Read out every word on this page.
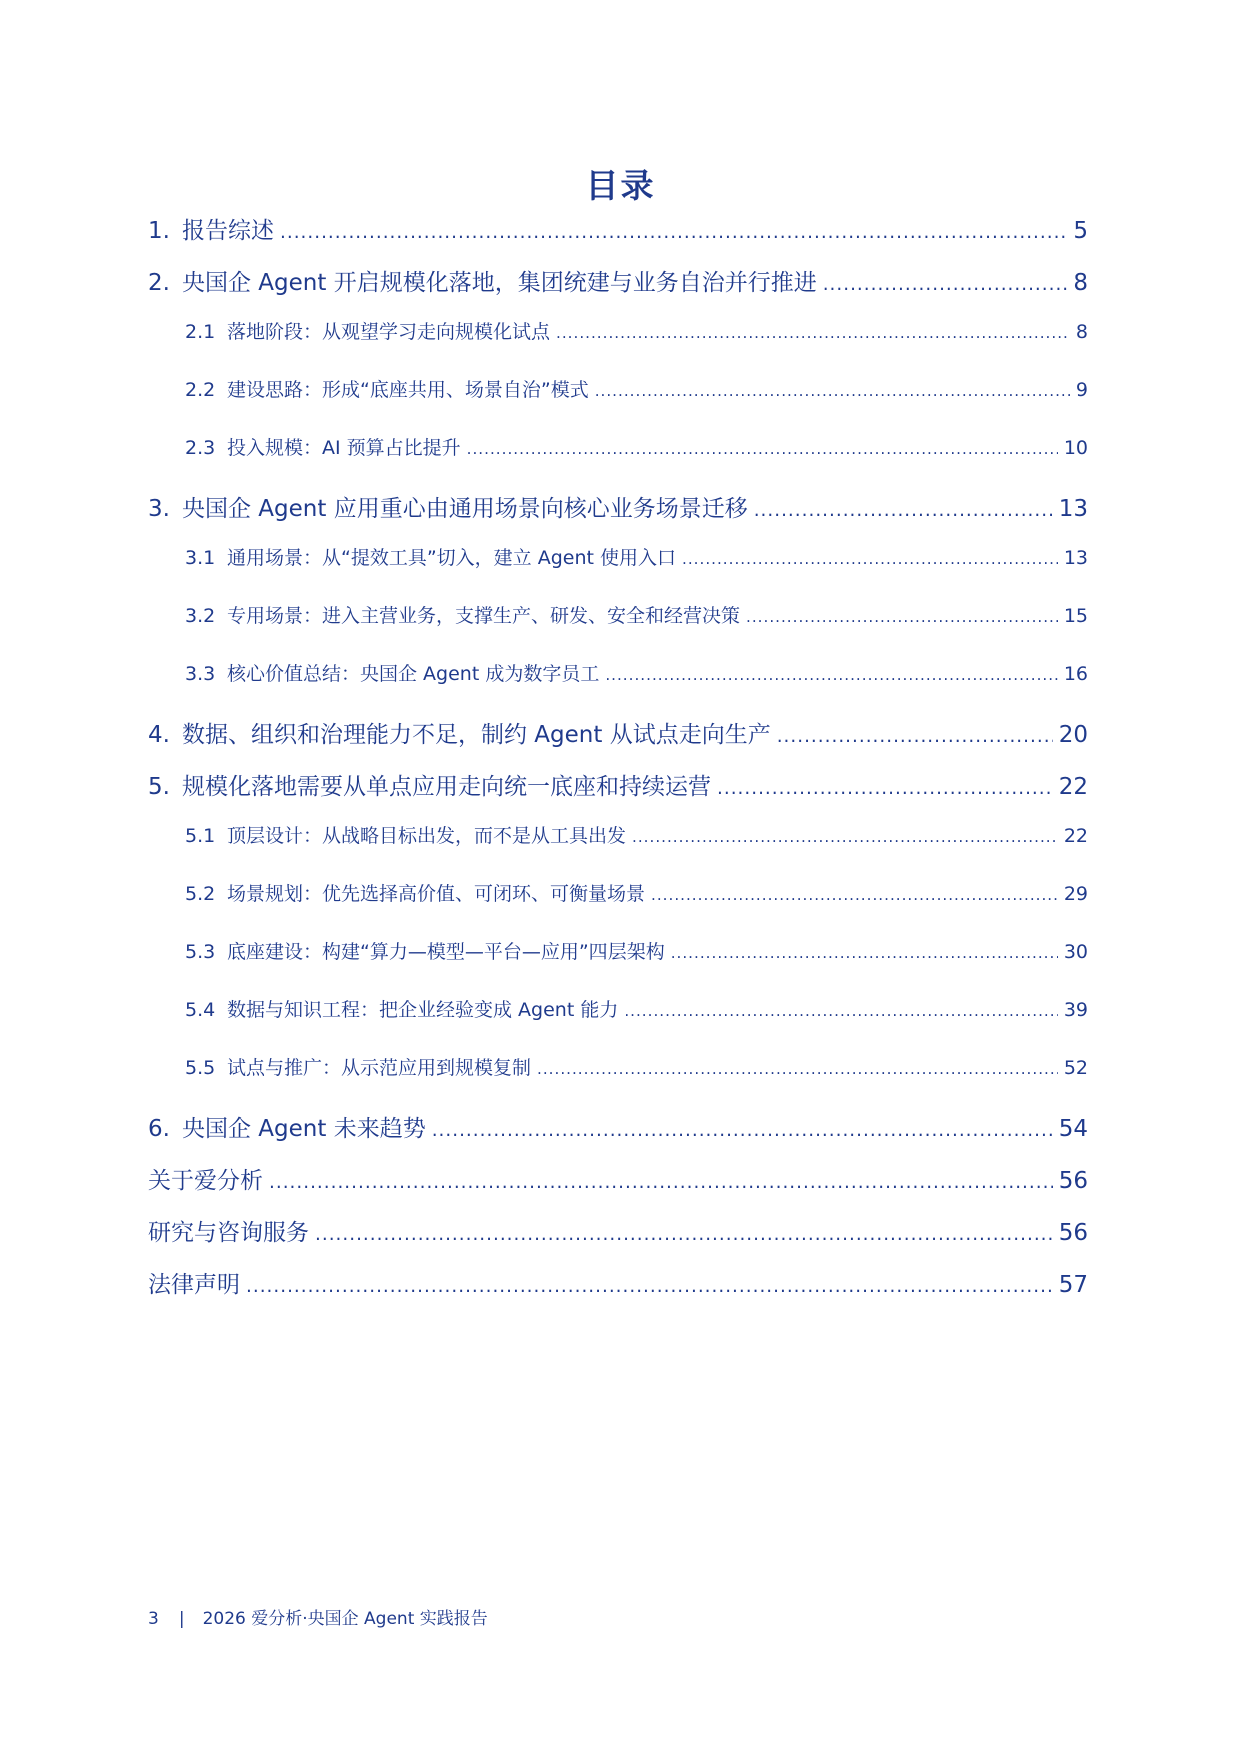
目录
1. 报告综述 .....	5
2. 央国企 Agent 开启规模化落地，集团统建与业务自治并行推进 .....	8
2.1 落地阶段：从观望学习走向规模化试点 .....	8
2.2 建设思路：形成“底座共用、场景自治”模式 .....	9
2.3 投入规模：AI 预算占比提升 .....	10
3. 央国企 Agent 应用重心由通用场景向核心业务场景迁移 .....	13
3.1 通用场景：从“提效工具”切入，建立 Agent 使用入口 .....	13
3.2 专用场景：进入主营业务，支撑生产、研发、安全和经营决策 .....	15
3.3 核心价值总结：央国企 Agent 成为数字员工 .....	16
4. 数据、组织和治理能力不足，制约 Agent 从试点走向生产 .....	20
5. 规模化落地需要从单点应用走向统一底座和持续运营 .....	22
5.1 顶层设计：从战略目标出发，而不是从工具出发 .....	22
5.2 场景规划：优先选择高价值、可闭环、可衡量场景 .....	29
5.3 底座建设：构建“算力—模型—平台—应用”四层架构 .....	30
5.4 数据与知识工程：把企业经验变成 Agent 能力 .....	39
5.5 试点与推广：从示范应用到规模复制 .....	52
6. 央国企 Agent 未来趋势 .....	54
关于爱分析 .....	56
研究与咨询服务 .....	56
法律声明 .....	57
3 | 2026 爱分析·央国企 Agent 实践报告
